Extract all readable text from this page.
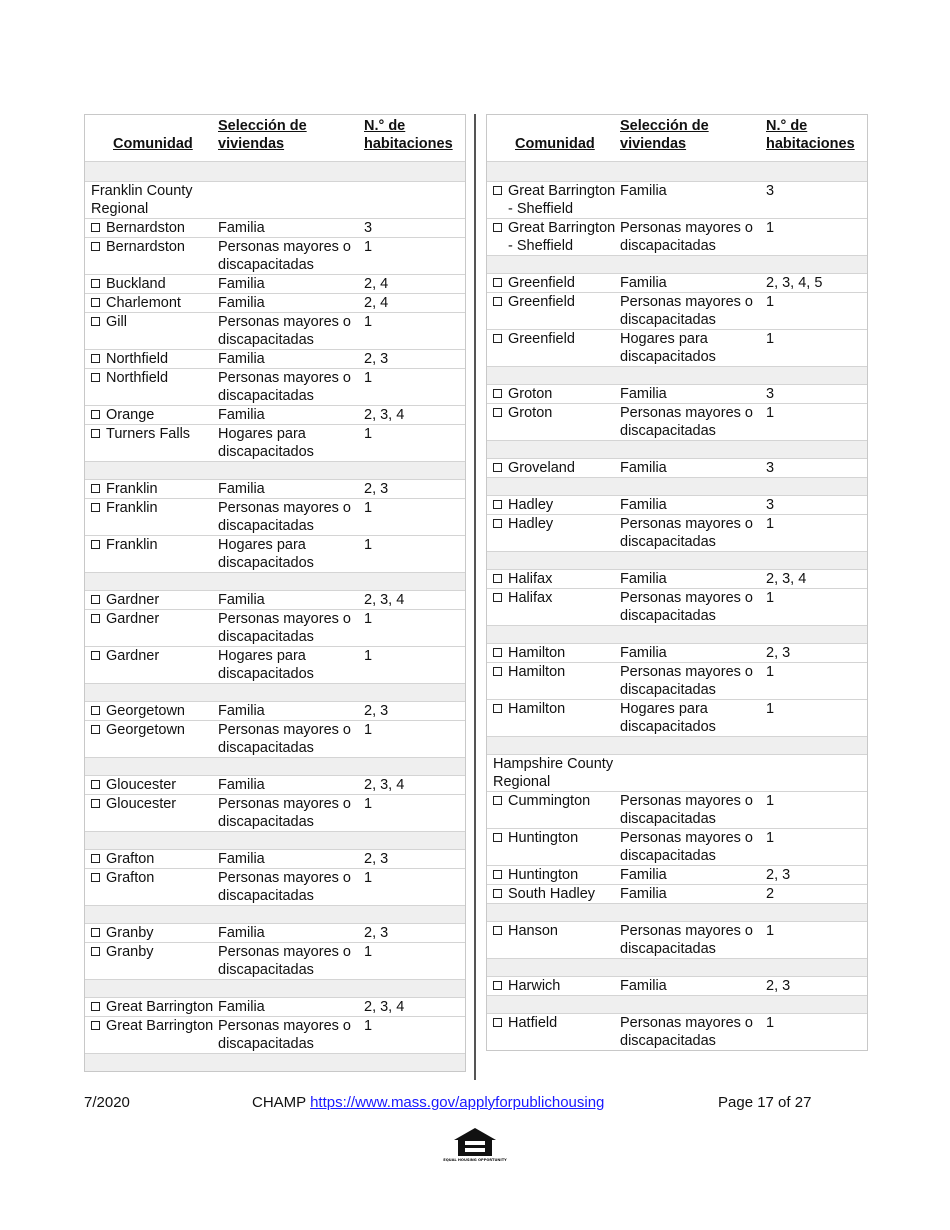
Comunidad	Selección de viviendas	N.° de habitaciones

Franklin County Regional		

Bernardston	Familia	3

Bernardston	Personas mayores o discapacitadas	1

Buckland	Familia	2, 4

Charlemont	Familia	2, 4

Gill	Personas mayores o discapacitadas	1

Northfield	Familia	2, 3

Northfield	Personas mayores o discapacitadas	1

Orange	Familia	2, 3, 4

Turners Falls	Hogares para discapacitados	1

Franklin	Familia	2, 3

Franklin	Personas mayores o discapacitadas	1

Franklin	Hogares para discapacitados	1

Gardner	Familia	2, 3, 4

Gardner	Personas mayores o discapacitadas	1

Gardner	Hogares para discapacitados	1

Georgetown	Familia	2, 3

Georgetown	Personas mayores o discapacitadas	1

Gloucester	Familia	2, 3, 4

Gloucester	Personas mayores o discapacitadas	1

Grafton	Familia	2, 3

Grafton	Personas mayores o discapacitadas	1

Granby	Familia	2, 3

Granby	Personas mayores o discapacitadas	1

Great Barrington	Familia	2, 3, 4

Great Barrington	Personas mayores o discapacitadas	1

Comunidad	Selección de viviendas	N.° de habitaciones

Great Barrington - Sheffield	Familia	3

Great Barrington - Sheffield	Personas mayores o discapacitadas	1

Greenfield	Familia	2, 3, 4, 5

Greenfield	Personas mayores o discapacitadas	1

Greenfield	Hogares para discapacitados	1

Groton	Familia	3

Groton	Personas mayores o discapacitadas	1

Groveland	Familia	3

Hadley	Familia	3

Hadley	Personas mayores o discapacitadas	1

Halifax	Familia	2, 3, 4

Halifax	Personas mayores o discapacitadas	1

Hamilton	Familia	2, 3

Hamilton	Personas mayores o discapacitadas	1

Hamilton	Hogares para discapacitados	1

Hampshire County Regional		

Cummington	Personas mayores o discapacitadas	1

Huntington	Personas mayores o discapacitadas	1

Huntington	Familia	2, 3

South Hadley	Familia	2

Hanson	Personas mayores o discapacitadas	1

Harwich	Familia	2, 3

Hatfield	Personas mayores o discapacitadas	1
7/2020	CHAMP https://www.mass.gov/applyforpublichousing	Page 17 of 27
EQUAL HOUSING OPPORTUNITY
